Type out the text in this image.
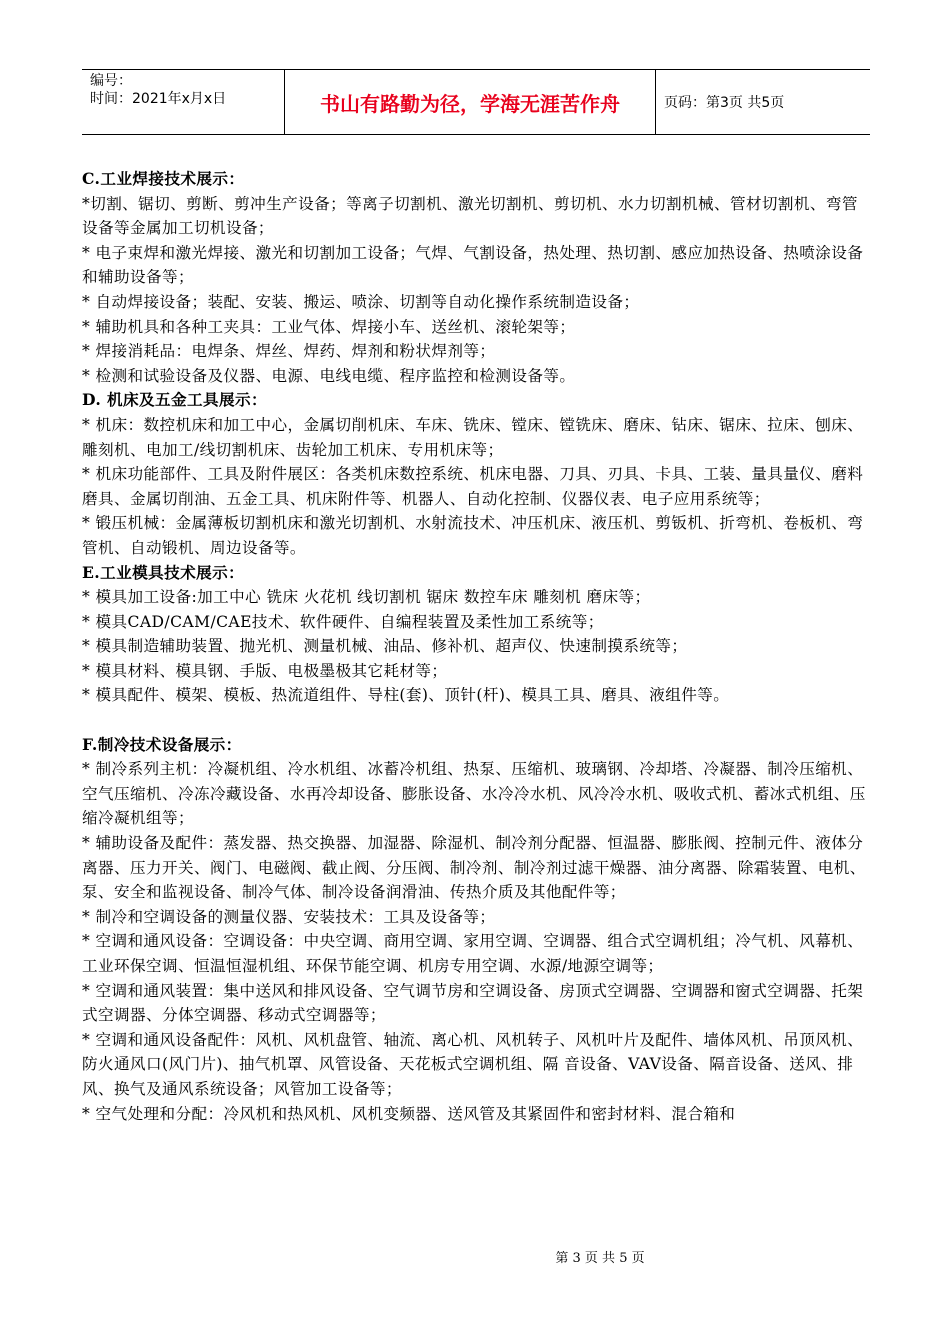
编号：
时间：2021年x月x日	书山有路勤为径，学海无涯苦作舟	页码：第3页 共5页

C.工业焊接技术展示：

*切割、锯切、剪断、剪冲生产设备；等离子切割机、激光切割机、剪切机、水力切割机械、管材切割机、弯管设备等金属加工切机设备；

* 电子束焊和激光焊接、激光和切割加工设备；气焊、气割设备，热处理、热切割、感应加热设备、热喷涂设备和辅助设备等；

* 自动焊接设备；装配、安装、搬运、喷涂、切割等自动化操作系统制造设备；

* 辅助机具和各种工夹具：工业气体、焊接小车、送丝机、滚轮架等；

* 焊接消耗品：电焊条、焊丝、焊药、焊剂和粉状焊剂等；

* 检测和试验设备及仪器、电源、电线电缆、程序监控和检测设备等。

D. 机床及五金工具展示：

* 机床：数控机床和加工中心，金属切削机床、车床、铣床、镗床、镗铣床、磨床、钻床、锯床、拉床、刨床、雕刻机、电加工/线切割机床、齿轮加工机床、专用机床等；

* 机床功能部件、工具及附件展区：各类机床数控系统、机床电器、刀具、刃具、卡具、工装、量具量仪、磨料磨具、金属切削油、五金工具、机床附件等、机器人、自动化控制、仪器仪表、电子应用系统等；

* 锻压机械：金属薄板切割机床和激光切割机、水射流技术、冲压机床、液压机、剪钣机、折弯机、卷板机、弯管机、自动锻机、周边设备等。

E.工业模具技术展示：

* 模具加工设备:加工中心 铣床 火花机 线切割机 锯床 数控车床 雕刻机 磨床等；

* 模具CAD/CAM/CAE技术、软件硬件、自编程装置及柔性加工系统等；

* 模具制造辅助装置、抛光机、测量机械、油品、修补机、超声仪、快速制摸系统等；

* 模具材料、模具钢、手版、电极墨极其它耗材等；

* 模具配件、模架、模板、热流道组件、导柱(套)、顶针(杆)、模具工具、磨具、液组件等。

F.制冷技术设备展示：

* 制冷系列主机：冷凝机组、冷水机组、冰蓄冷机组、热泵、压缩机、玻璃钢、冷却塔、冷凝器、制冷压缩机、空气压缩机、冷冻冷藏设备、水再冷却设备、膨胀设备、水冷冷水机、风冷冷水机、吸收式机、蓄冰式机组、压缩冷凝机组等；

* 辅助设备及配件：蒸发器、热交换器、加湿器、除湿机、制冷剂分配器、恒温器、膨胀阀、控制元件、液体分离器、压力开关、阀门、电磁阀、截止阀、分压阀、制冷剂、制冷剂过滤干燥器、油分离器、除霜装置、电机、泵、安全和监视设备、制冷气体、制冷设备润滑油、传热介质及其他配件等；

* 制冷和空调设备的测量仪器、安装技术：工具及设备等；

* 空调和通风设备：空调设备：中央空调、商用空调、家用空调、空调器、组合式空调机组；冷气机、风幕机、工业环保空调、恒温恒湿机组、环保节能空调、机房专用空调、水源/地源空调等；

* 空调和通风装置：集中送风和排风设备、空气调节房和空调设备、房顶式空调器、空调器和窗式空调器、托架式空调器、分体空调器、移动式空调器等；

* 空调和通风设备配件：风机、风机盘管、轴流、离心机、风机转子、风机叶片及配件、墙体风机、吊顶风机、防火通风口(风门片)、抽气机罩、风管设备、天花板式空调机组、隔 音设备、VAV设备、隔音设备、送风、排风、换气及通风系统设备；风管加工设备等；

* 空气处理和分配：冷风机和热风机、风机变频器、送风管及其紧固件和密封材料、混合箱和

第 3 页 共 5 页
